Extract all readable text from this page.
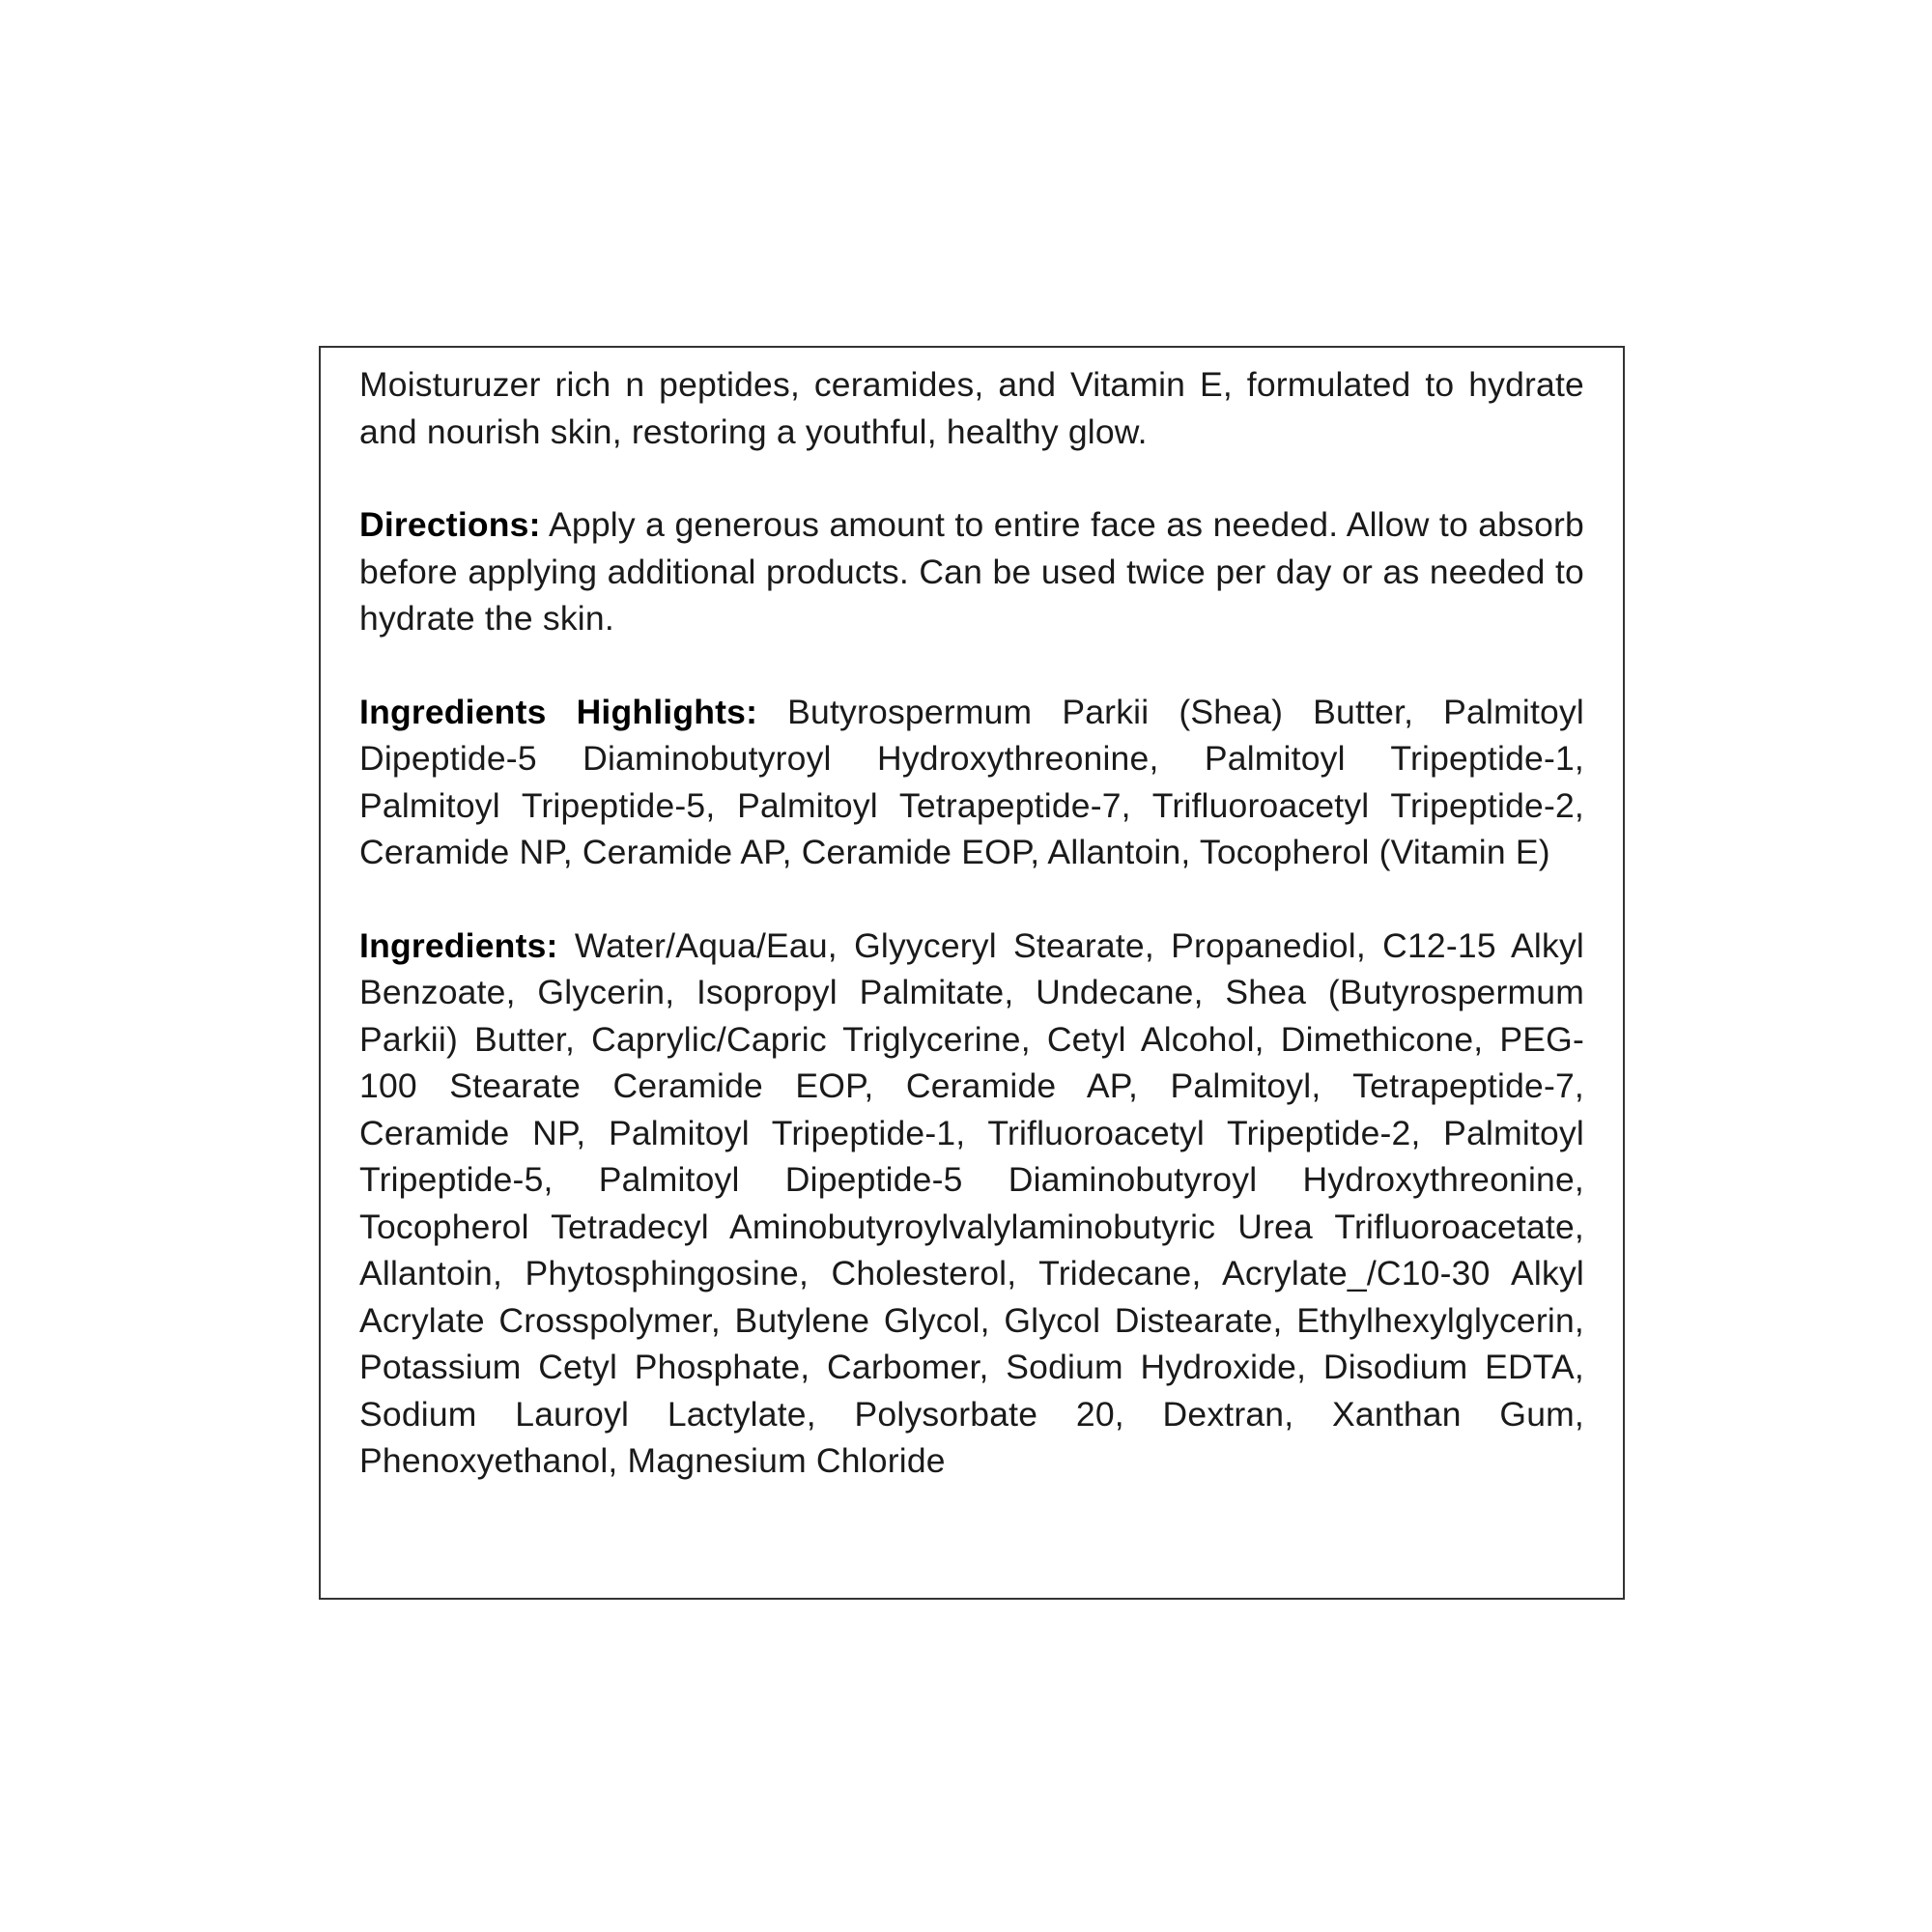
Moisturuzer rich n peptides, ceramides, and Vitamin E, formulated to hydrate and nourish skin, restoring a youthful, healthy glow.

Directions: Apply a generous amount to entire face as needed. Allow to absorb before applying additional products. Can be used twice per day or as needed to hydrate the skin.

Ingredients Highlights: Butyrospermum Parkii (Shea) Butter, Palmitoyl Dipeptide-5 Diaminobutyroyl Hydroxythreonine, Palmitoyl Tripeptide-1, Palmitoyl Tripeptide-5, Palmitoyl Tetrapeptide-7, Trifluoroacetyl Tripeptide-2, Ceramide NP, Ceramide AP, Ceramide EOP, Allantoin, Tocopherol (Vitamin E)

Ingredients: Water/Aqua/Eau, Glyyceryl Stearate, Propanediol, C12-15 Alkyl Benzoate, Glycerin, Isopropyl Palmitate, Undecane, Shea (Butyrospermum Parkii) Butter, Caprylic/Capric Triglycerine, Cetyl Alcohol, Dimethicone, PEG-100 Stearate Ceramide EOP, Ceramide AP, Palmitoyl, Tetrapeptide-7, Ceramide NP, Palmitoyl Tripeptide-1, Trifluoroacetyl Tripeptide-2, Palmitoyl Tripeptide-5, Palmitoyl Dipeptide-5 Diaminobutyroyl Hydroxythreonine, Tocopherol Tetradecyl Aminobutyroylvalylaminobutyric Urea Trifluoroacetate, Allantoin, Phytosphingosine, Cholesterol, Tridecane, Acrylate_/C10-30 Alkyl Acrylate Crosspolymer, Butylene Glycol, Glycol Distearate, Ethylhexylglycerin, Potassium Cetyl Phosphate, Carbomer, Sodium Hydroxide, Disodium EDTA, Sodium Lauroyl Lactylate, Polysorbate 20, Dextran, Xanthan Gum, Phenoxyethanol, Magnesium Chloride
